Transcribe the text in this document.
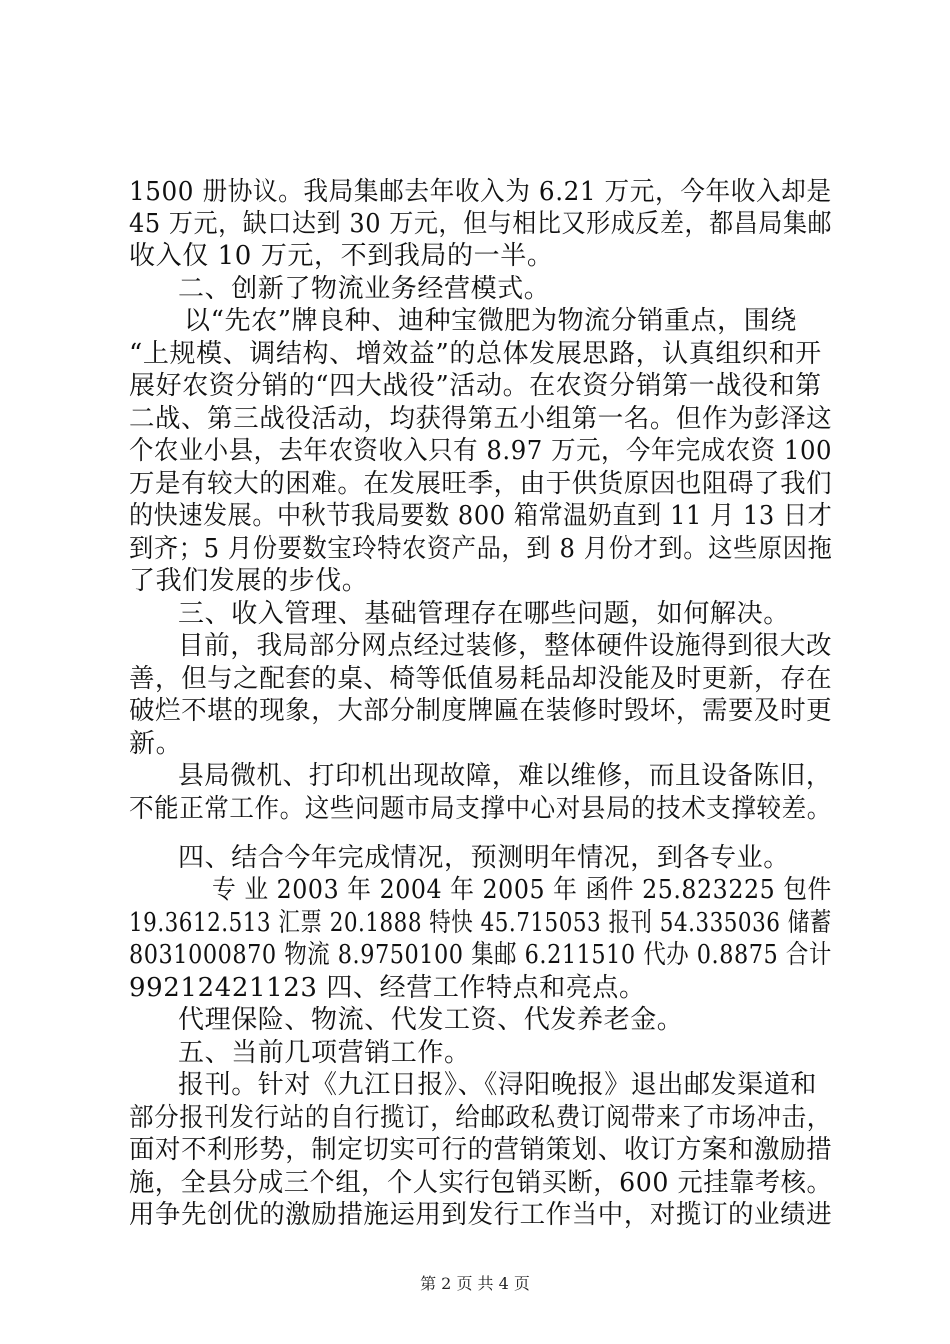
1500 册协议。我局集邮去年收入为 6.21 万元，今年收入却是
45 万元，缺口达到 30 万元，但与相比又形成反差，都昌局集邮
收入仅 10 万元，不到我局的一半。
二、创新了物流业务经营模式。
以“先农”牌良种、迪种宝微肥为物流分销重点，围绕
“上规模、调结构、增效益”的总体发展思路，认真组织和开
展好农资分销的“四大战役”活动。在农资分销第一战役和第
二战、第三战役活动，均获得第五小组第一名。但作为彭泽这
个农业小县，去年农资收入只有 8.97 万元，今年完成农资 100
万是有较大的困难。在发展旺季，由于供货原因也阻碍了我们
的快速发展。中秋节我局要数 800 箱常温奶直到 11 月 13 日才
到齐；5 月份要数宝玲特农资产品，到 8 月份才到。这些原因拖
了我们发展的步伐。
三、收入管理、基础管理存在哪些问题，如何解决。
目前，我局部分网点经过装修，整体硬件设施得到很大改
善，但与之配套的桌、椅等低值易耗品却没能及时更新，存在
破烂不堪的现象，大部分制度牌匾在装修时毁坏，需要及时更
新。
县局微机、打印机出现故障，难以维修，而且设备陈旧，
不能正常工作。这些问题市局支撑中心对县局的技术支撑较差。
四、结合今年完成情况，预测明年情况，到各专业。
专 业 2003 年 2004 年 2005 年 函件 25.823225 包件
19.3612.513 汇票 20.1888 特快 45.715053 报刊 54.335036 储蓄
8031000870 物流 8.9750100 集邮 6.211510 代办 0.8875 合计
99212421123 四、经营工作特点和亮点。
代理保险、物流、代发工资、代发养老金。
五、当前几项营销工作。
报刊。针对《九江日报》、《浔阳晚报》退出邮发渠道和
部分报刊发行站的自行揽订，给邮政私费订阅带来了市场冲击，
面对不利形势，制定切实可行的营销策划、收订方案和激励措
施，全县分成三个组，个人实行包销买断，600 元挂靠考核。
用争先创优的激励措施运用到发行工作当中，对揽订的业绩进
第 2 页 共 4 页
